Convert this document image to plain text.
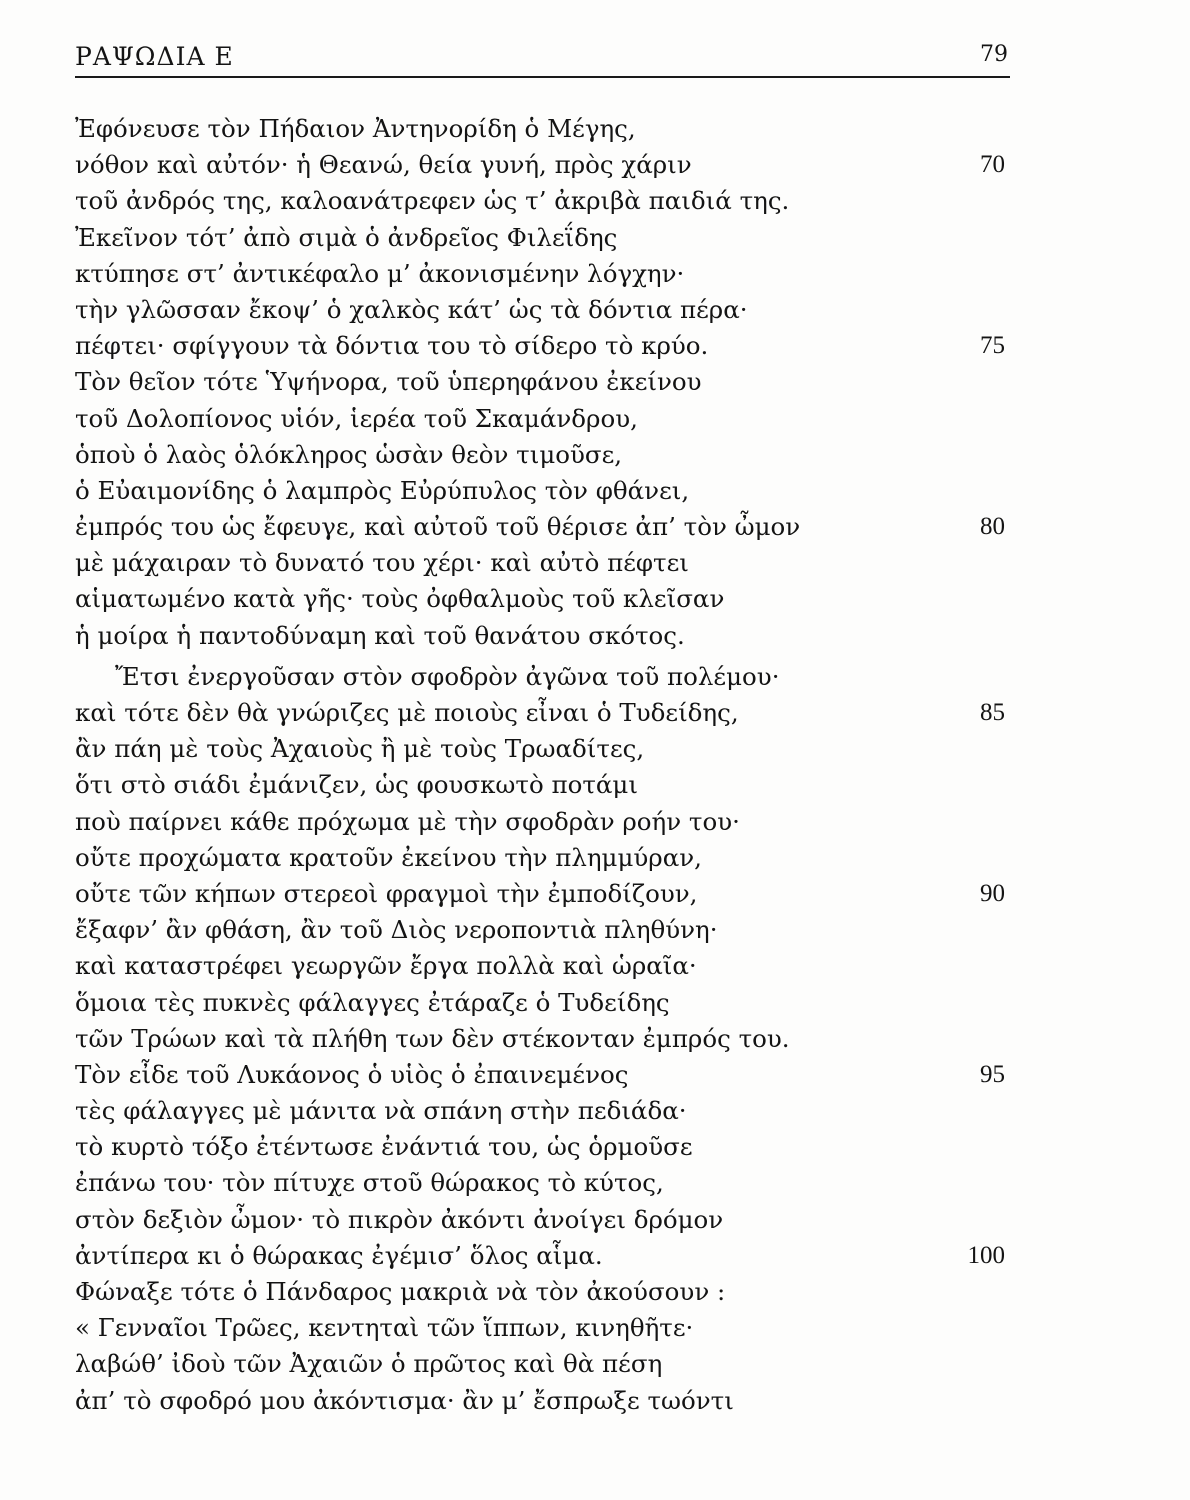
ΡΑΨΩΔΙΑ Ε	79
Ἐφόνευσε τὸν Πήδαιον Ἀντηνορίδη ὁ Μέγης,
νόθον καὶ αὐτόν· ἡ Θεανώ, θεία γυνή, πρὸς χάριν	70
τοῦ ἀνδρός της, καλοανάτρεφεν ὡς τ’ ἀκριβὰ παιδιά της.
Ἐκεῖνον τότ’ ἀπὸ σιμὰ ὁ ἀνδρεῖος Φιλεΐδης
κτύπησε στ’ ἀντικέφαλο μ’ ἀκονισμένην λόγχην·
τὴν γλῶσσαν ἔκοψ’ ὁ χαλκὸς κάτ’ ὡς τὰ δόντια πέρα·
πέφτει· σφίγγουν τὰ δόντια του τὸ σίδερο τὸ κρύο.	75
Τὸν θεῖον τότε Ὑψήνορα, τοῦ ὑπερηφάνου ἐκείνου
τοῦ Δολοπίονος υἱόν, ἱερέα τοῦ Σκαμάνδρου,
ὁποὺ ὁ λαὸς ὁλόκληρος ὡσὰν θεὸν τιμοῦσε,
ὁ Εὐαιμονίδης ὁ λαμπρὸς Εὐρύπυλος τὸν φθάνει,
ἐμπρός του ὡς ἔφευγε, καὶ αὐτοῦ τοῦ θέρισε ἀπ’ τὸν ὦμον	80
μὲ μάχαιραν τὸ δυνατό του χέρι· καὶ αὐτὸ πέφτει
αἱματωμένο κατὰ γῆς· τοὺς ὀφθαλμοὺς τοῦ κλεῖσαν
ἡ μοίρα ἡ παντοδύναμη καὶ τοῦ θανάτου σκότος.
Ἔτσι ἐνεργοῦσαν στὸν σφοδρὸν ἀγῶνα τοῦ πολέμου·
καὶ τότε δὲν θὰ γνώριζες μὲ ποιοὺς εἶναι ὁ Τυδείδης,	85
ἂν πάη μὲ τοὺς Ἀχαιοὺς ἢ μὲ τοὺς Τρωαδίτες,
ὅτι στὸ σιάδι ἐμάνιζεν, ὡς φουσκωτὸ ποτάμι
ποὺ παίρνει κάθε πρόχωμα μὲ τὴν σφοδρὰν ροήν του·
οὔτε προχώματα κρατοῦν ἐκείνου τὴν πλημμύραν,
οὔτε τῶν κήπων στερεοὶ φραγμοὶ τὴν ἐμποδίζουν,	90
ἔξαφν’ ἂν φθάση, ἂν τοῦ Διὸς νεροποντιὰ πληθύνη·
καὶ καταστρέφει γεωργῶν ἔργα πολλὰ καὶ ὡραῖα·
ὅμοια τὲς πυκνὲς φάλαγγες ἐτάραζε ὁ Τυδείδης
τῶν Τρώων καὶ τὰ πλήθη των δὲν στέκονταν ἐμπρός του.
Τὸν εἶδε τοῦ Λυκάονος ὁ υἱὸς ὁ ἐπαινεμένος	95
τὲς φάλαγγες μὲ μάνιτα νὰ σπάνη στὴν πεδιάδα·
τὸ κυρτὸ τόξο ἐτέντωσε ἐνάντιά του, ὡς ὁρμοῦσε
ἐπάνω του· τὸν πίτυχε στοῦ θώρακος τὸ κύτος,
στὸν δεξιὸν ὦμον· τὸ πικρὸν ἀκόντι ἀνοίγει δρόμον
ἀντίπερα κι ὁ θώρακας ἐγέμισ’ ὅλος αἷμα.	100
Φώναξε τότε ὁ Πάνδαρος μακριὰ νὰ τὸν ἀκούσουν :
« Γενναῖοι Τρῶες, κεντηταὶ τῶν ἵππων, κινηθῆτε·
λαβώθ’ ἰδοὺ τῶν Ἀχαιῶν ὁ πρῶτος καὶ θὰ πέση
ἀπ’ τὸ σφοδρό μου ἀκόντισμα· ἂν μ’ ἔσπρωξε τωόντι
